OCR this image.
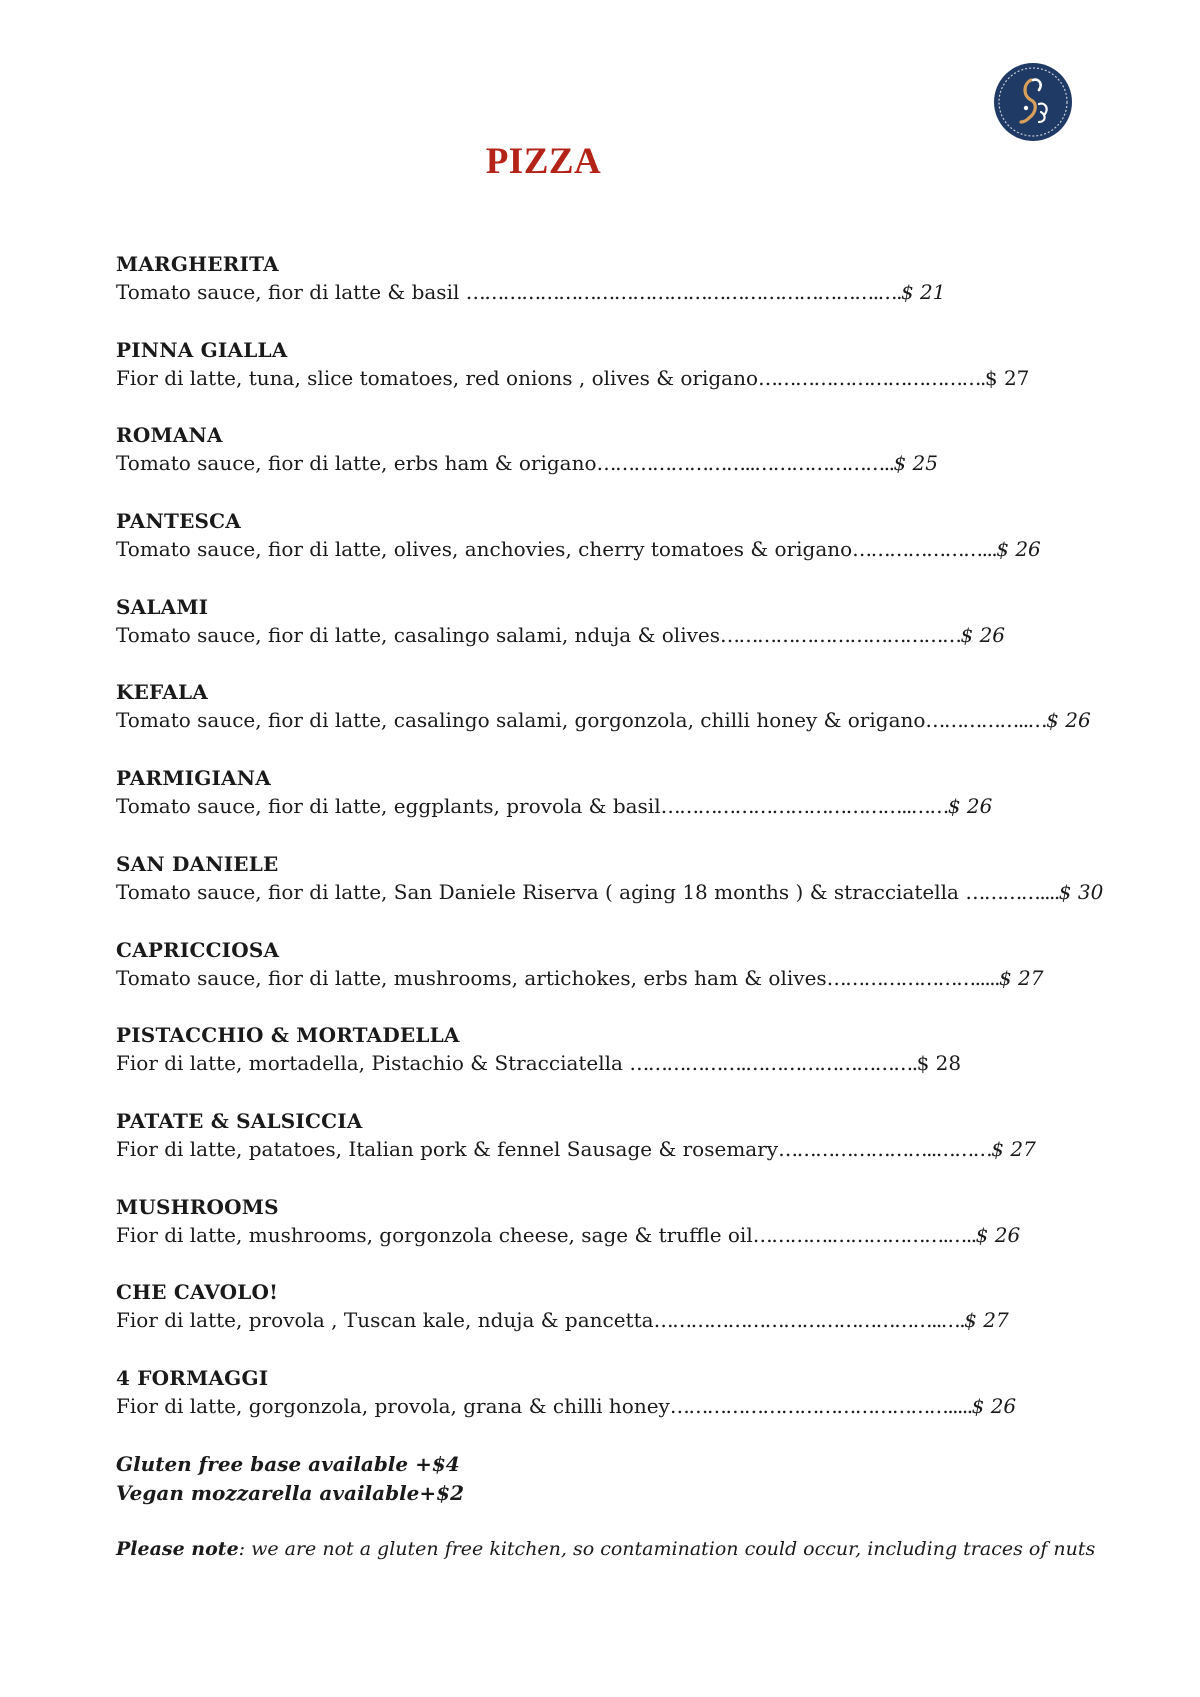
PIZZA
MARGHERITA
Tomato sauce, fior di latte & basil ………………………………………………………….….$ 21
PINNA GIALLA
Fior di latte, tuna, slice tomatoes, red onions , olives & origano……………………………….$ 27
ROMANA
Tomato sauce, fior di latte, erbs ham & origano……………………..…………………..$ 25
PANTESCA
Tomato sauce, fior di latte, olives, anchovies, cherry tomatoes & origano…………………...$ 26
SALAMI
Tomato sauce, fior di latte, casalingo salami, nduja & olives…………………………………$ 26
KEFALA
Tomato sauce, fior di latte, casalingo salami, gorgonzola, chilli honey & origano……………..…$ 26
PARMIGIANA
Tomato sauce, fior di latte, eggplants, provola & basil…………………………………..……$ 26
SAN DANIELE
Tomato sauce, fior di latte, San Daniele Riserva ( aging 18 months ) & stracciatella …………....$ 30
CAPRICCIOSA
Tomato sauce, fior di latte, mushrooms, artichokes, erbs ham & olives…………………….....$ 27
PISTACCHIO & MORTADELLA
Fior di latte, mortadella, Pistachio & Stracciatella ……………….……………………….$ 28
PATATE & SALSICCIA
Fior di latte, patatoes, Italian pork & fennel Sausage & rosemary……………………..………$ 27
MUSHROOMS
Fior di latte, mushrooms, gorgonzola cheese, sage & truffle oil………….……………….…..$ 26
CHE CAVOLO!
Fior di latte, provola , Tuscan kale, nduja & pancetta………………………………………..….$ 27
4 FORMAGGI
Fior di latte, gorgonzola, provola, grana & chilli honey……………………………………….....$ 26
Gluten free base available +$4
Vegan mozzarella available+$2
Please note: we are not a gluten free kitchen, so contamination could occur, including traces of nuts
